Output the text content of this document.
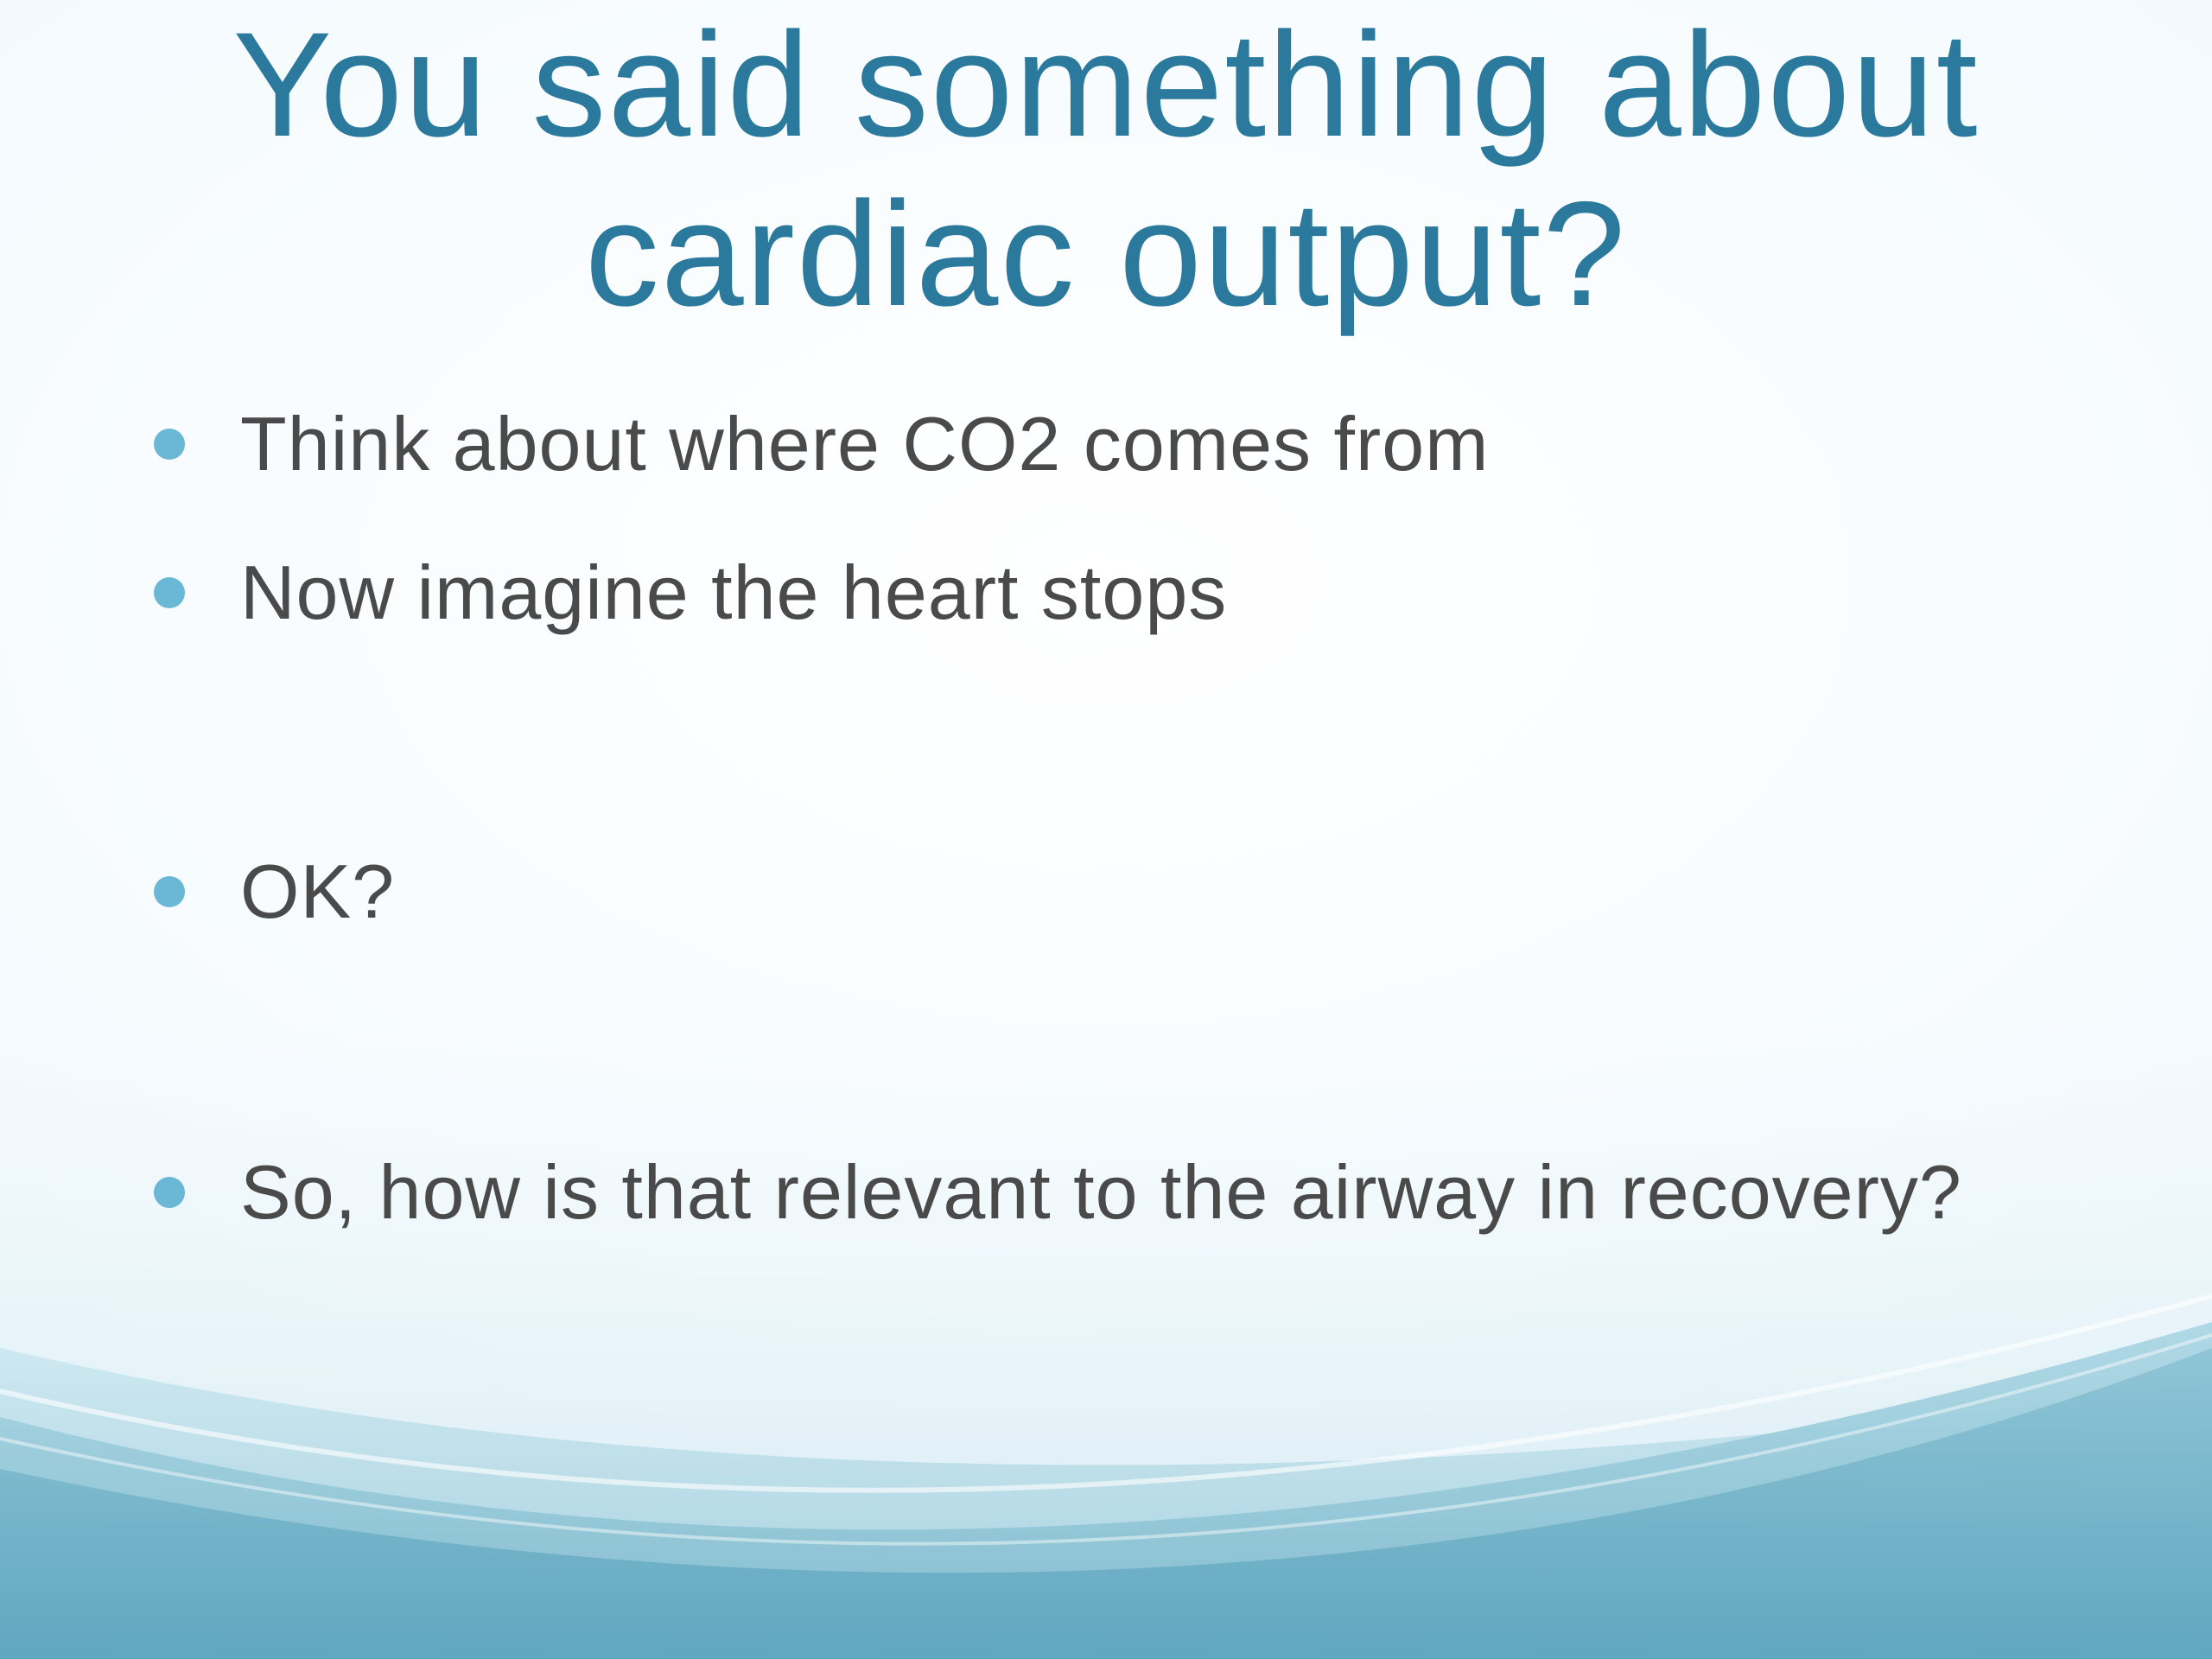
You said something about
cardiac output?
Think about where CO2 comes from
Now imagine the heart stops
OK?
So, how is that relevant to the airway in recovery?
